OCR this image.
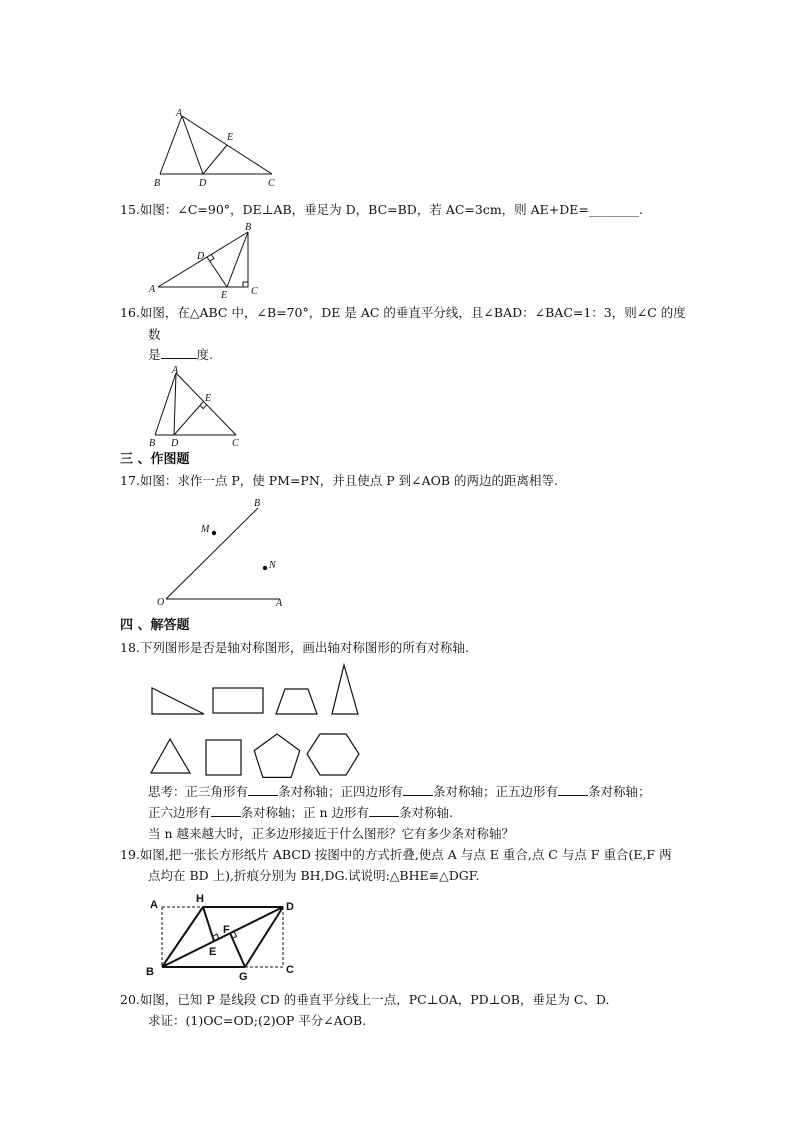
A
E
B	D	C
15.如图：∠C=90°，DE⊥AB，垂足为 D，BC=BD，若 AC=3cm，则 AE+DE=________.
B
D
A
E C
16.如图，在△ABC 中，∠B=70°，DE 是 AC 的垂直平分线，且∠BAD：∠BAC=1：3，则∠C 的度
数
是	度.
A
E
B D	C
三 、作图题
17.如图：求作一点 P，使 PM=PN，并且使点 P 到∠AOB 的两边的距离相等.
B
M
N
O	A
四 、解答题
18.下列图形是否是轴对称图形，画出轴对称图形的所有对称轴.
思考：正三角形有 条对称轴；正四边形有 条对称轴；正五边形有 条对称轴；
正六边形有 条对称轴；正 n 边形有 条对称轴.
当 n 越来越大时，正多边形接近于什么图形？它有多少条对称轴？
19.如图,把一张长方形纸片 ABCD 按图中的方式折叠,使点 A 与点 E 重合,点 C 与点 F 重合(E,F 两
点均在 BD 上),折痕分别为 BH,DG.试说明:△BHE≌△DGF.
A	H
D
F
E
B	G
C
20.如图，已知 P 是线段 CD 的垂直平分线上一点，PC⊥OA，PD⊥OB，垂足为 C、D.
求证：(1)OC=OD;(2)OP 平分∠AOB.
